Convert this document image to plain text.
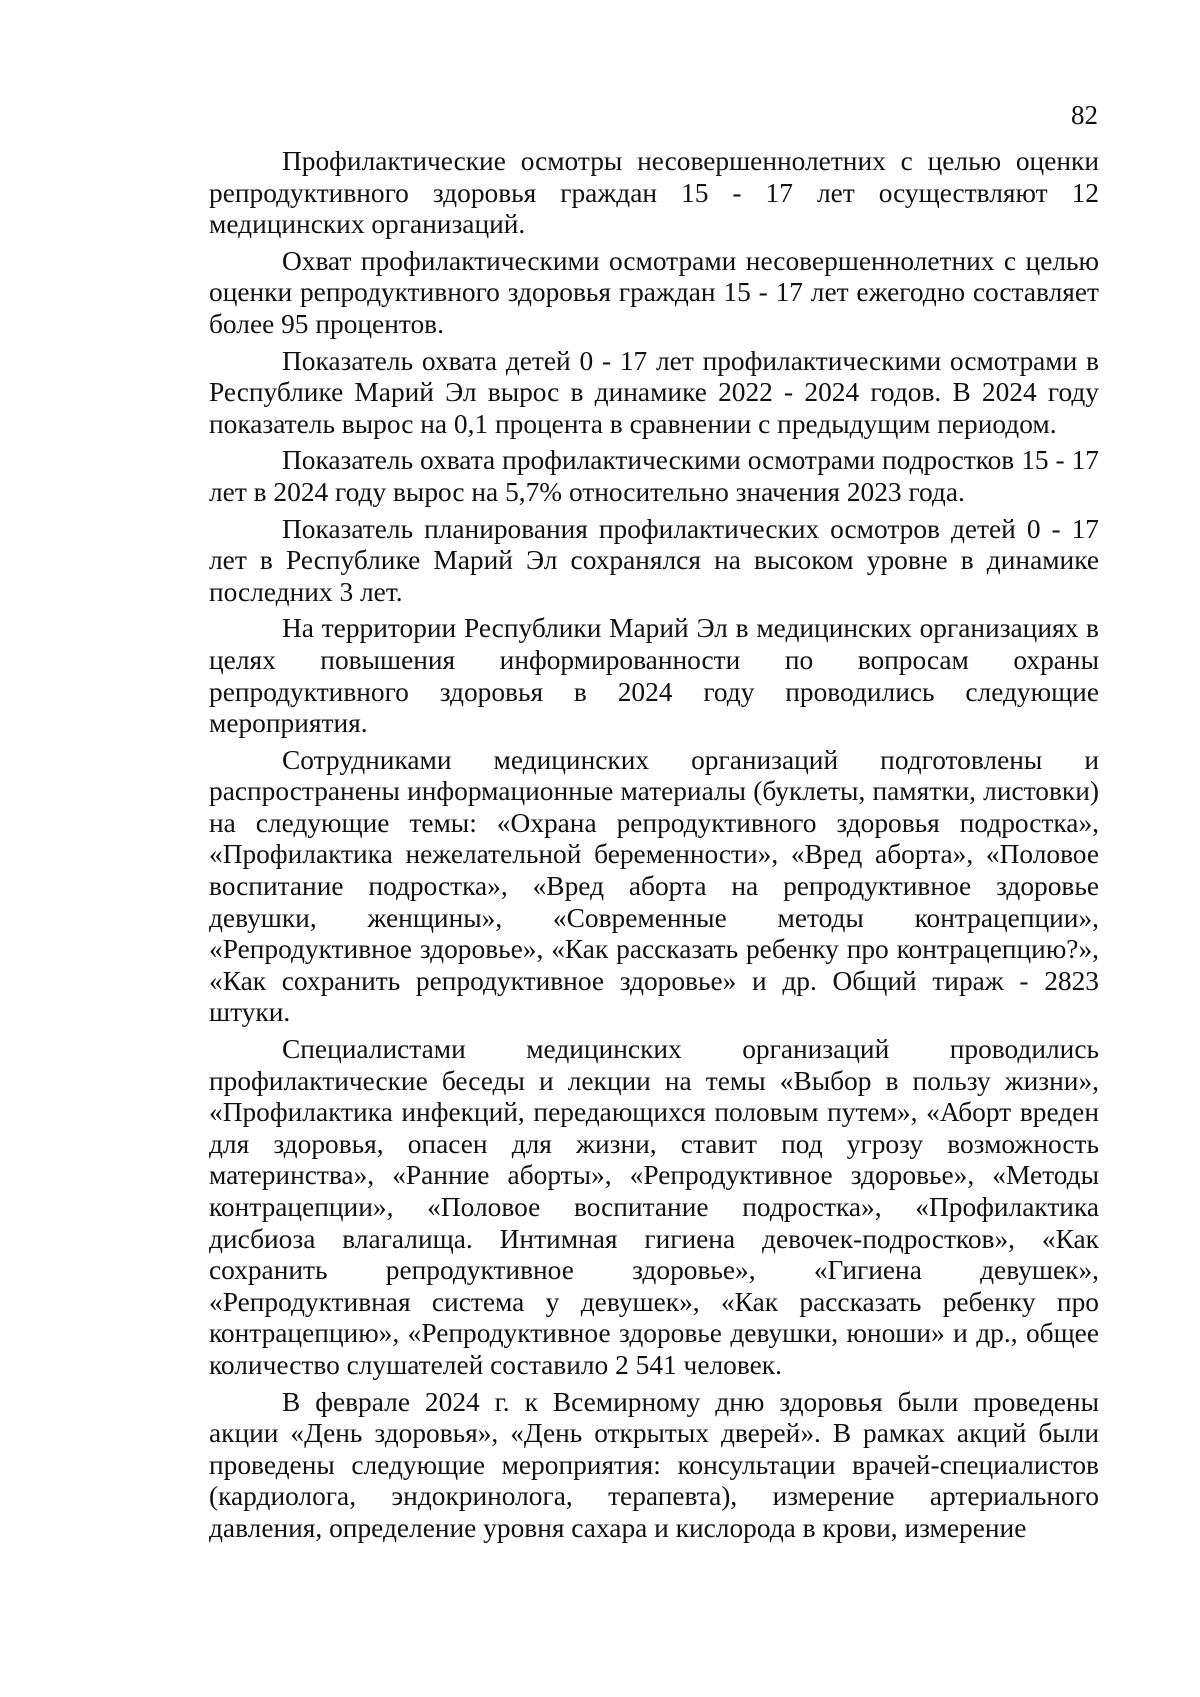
82

Профилактические осмотры несовершеннолетних с целью оценки репродуктивного здоровья граждан 15 - 17 лет осуществляют 12 медицинских организаций.

Охват профилактическими осмотрами несовершеннолетних с целью оценки репродуктивного здоровья граждан 15 - 17 лет ежегодно составляет более 95 процентов.

Показатель охвата детей 0 - 17 лет профилактическими осмотрами в Республике Марий Эл вырос в динамике 2022 - 2024 годов. В 2024 году показатель вырос на 0,1 процента в сравнении с предыдущим периодом.

Показатель охвата профилактическими осмотрами подростков 15 - 17 лет в 2024 году вырос на 5,7% относительно значения 2023 года.

Показатель планирования профилактических осмотров детей 0 - 17 лет в Республике Марий Эл сохранялся на высоком уровне в динамике последних 3 лет.

На территории Республики Марий Эл в медицинских организациях в целях повышения информированности по вопросам охраны репродуктивного здоровья в 2024 году проводились следующие мероприятия.

Сотрудниками медицинских организаций подготовлены и распространены информационные материалы (буклеты, памятки, листовки) на следующие темы: «Охрана репродуктивного здоровья подростка», «Профилактика нежелательной беременности», «Вред аборта», «Половое воспитание подростка», «Вред аборта на репродуктивное здоровье девушки, женщины», «Современные методы контрацепции», «Репродуктивное здоровье», «Как рассказать ребенку про контрацепцию?», «Как сохранить репродуктивное здоровье» и др. Общий тираж - 2823 штуки.

Специалистами медицинских организаций проводились профилактические беседы и лекции на темы «Выбор в пользу жизни», «Профилактика инфекций, передающихся половым путем», «Аборт вреден для здоровья, опасен для жизни, ставит под угрозу возможность материнства», «Ранние аборты», «Репродуктивное здоровье», «Методы контрацепции», «Половое воспитание подростка», «Профилактика дисбиоза влагалища. Интимная гигиена девочек-подростков», «Как сохранить репродуктивное здоровье», «Гигиена девушек», «Репродуктивная система у девушек», «Как рассказать ребенку про контрацепцию», «Репродуктивное здоровье девушки, юноши» и др., общее количество слушателей составило 2 541 человек.

В феврале 2024 г. к Всемирному дню здоровья были проведены акции «День здоровья», «День открытых дверей». В рамках акций были проведены следующие мероприятия: консультации врачей-специалистов (кардиолога, эндокринолога, терапевта), измерение артериального давления, определение уровня сахара и кислорода в крови, измерение
